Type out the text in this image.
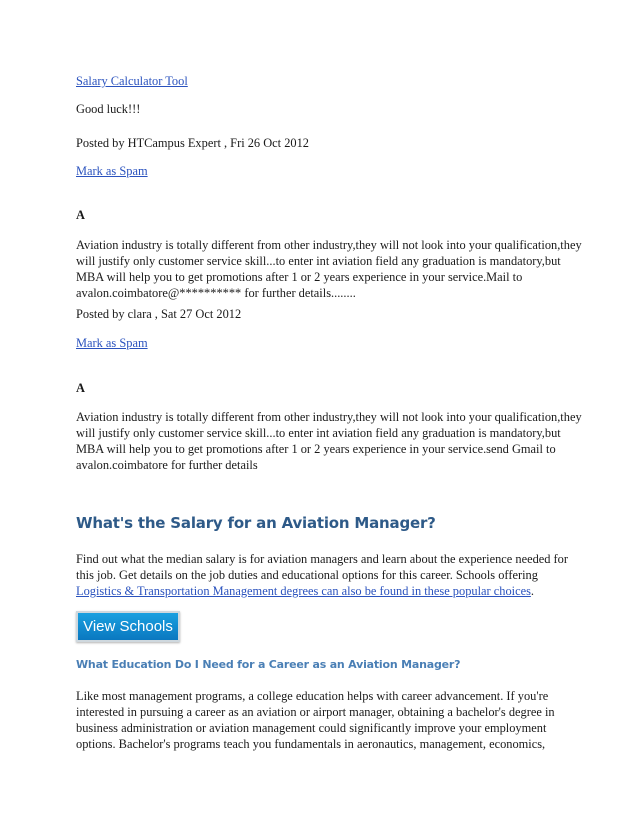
Salary Calculator Tool

Good luck!!!

Posted by HTCampus Expert , Fri 26 Oct 2012

Mark as Spam

A

Aviation industry is totally different from other industry,they will not look into your qualification,they will justify only customer service skill...to enter int aviation field any graduation is mandatory,but MBA will help you to get promotions after 1 or 2 years experience in your service.Mail to avalon.coimbatore@********** for further details........

Posted by clara , Sat 27 Oct 2012

Mark as Spam

A

Aviation industry is totally different from other industry,they will not look into your qualification,they will justify only customer service skill...to enter int aviation field any graduation is mandatory,but MBA will help you to get promotions after 1 or 2 years experience in your service.send Gmail to avalon.coimbatore for further details

What's the Salary for an Aviation Manager?

Find out what the median salary is for aviation managers and learn about the experience needed for this job. Get details on the job duties and educational options for this career. Schools offering Logistics & Transportation Management degrees can also be found in these popular choices.

View Schools
What Education Do I Need for a Career as an Aviation Manager?

Like most management programs, a college education helps with career advancement. If you're interested in pursuing a career as an aviation or airport manager, obtaining a bachelor's degree in business administration or aviation management could significantly improve your employment options. Bachelor's programs teach you fundamentals in aeronautics, management, economics,
